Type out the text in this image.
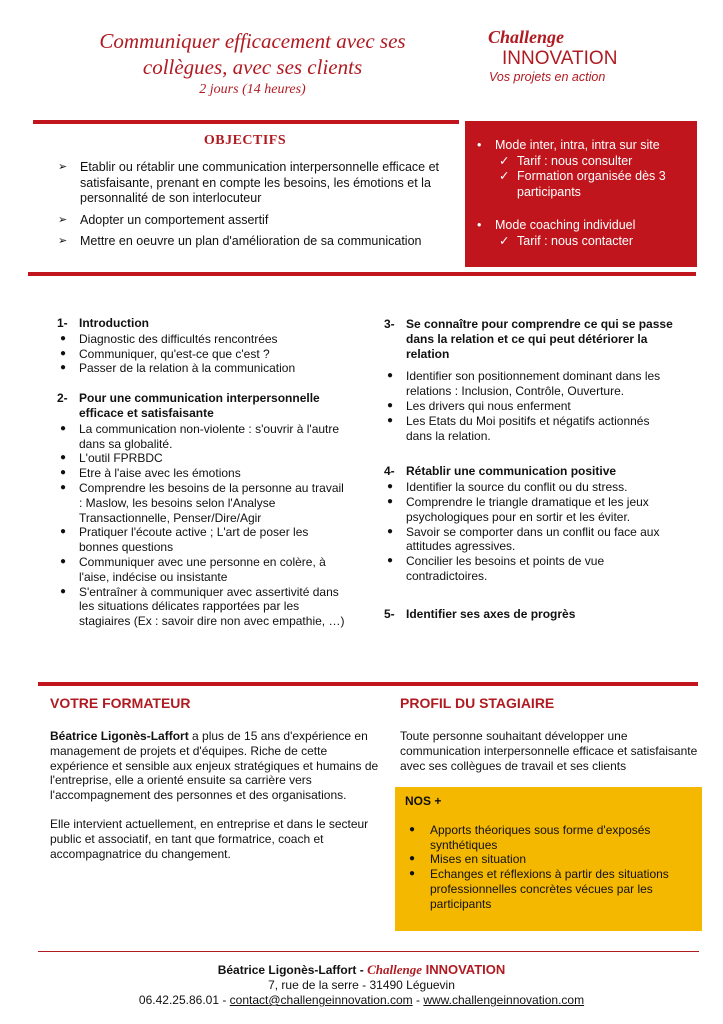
Communiquer efficacement avec ses
collègues, avec ses clients
2 jours (14 heures)
Challenge
INNOVATION
Vos projets en action
OBJECTIFS
➢ Etablir ou rétablir une communication interpersonnelle efficace et satisfaisante, prenant en compte les besoins, les émotions et la personnalité de son interlocuteur
➢ Adopter un comportement assertif
➢ Mettre en oeuvre un plan d'amélioration de sa communication
• Mode inter, intra, intra sur site
✓ Tarif : nous consulter
✓ Formation organisée dès 3 participants
• Mode coaching individuel
✓ Tarif : nous contacter
1- Introduction
● Diagnostic des difficultés rencontrées
● Communiquer, qu'est-ce que c'est ?
● Passer de la relation à la communication
2- Pour une communication interpersonnelle efficace et satisfaisante
● La communication non-violente : s'ouvrir à l'autre dans sa globalité.
● L'outil FPRBDC
● Etre à l'aise avec les émotions
● Comprendre les besoins de la personne au travail : Maslow, les besoins selon l'Analyse Transactionnelle, Penser/Dire/Agir
● Pratiquer l'écoute active ; L'art de poser les bonnes questions
● Communiquer avec une personne en colère, à l'aise, indécise ou insistante
● S'entraîner à communiquer avec assertivité dans les situations délicates rapportées par les stagiaires (Ex : savoir dire non avec empathie, …)
3- Se connaître pour comprendre ce qui se passe dans la relation et ce qui peut détériorer la relation
● Identifier son positionnement dominant dans les relations : Inclusion, Contrôle, Ouverture.
● Les drivers qui nous enferment
● Les Etats du Moi positifs et négatifs actionnés dans la relation.
4- Rétablir une communication positive
● Identifier la source du conflit ou du stress.
● Comprendre le triangle dramatique et les jeux psychologiques pour en sortir et les éviter.
● Savoir se comporter dans un conflit ou face aux attitudes agressives.
● Concilier les besoins et points de vue contradictoires.
5- Identifier ses axes de progrès
VOTRE FORMATEUR

Béatrice Ligonès-Laffort a plus de 15 ans d'expérience en management de projets et d'équipes. Riche de cette expérience et sensible aux enjeux stratégiques et humains de l'entreprise, elle a orienté ensuite sa carrière vers l'accompagnement des personnes et des organisations.

Elle intervient actuellement, en entreprise et dans le secteur public et associatif, en tant que formatrice, coach et accompagnatrice du changement.

PROFIL DU STAGIAIRE

Toute personne souhaitant développer une communication interpersonnelle efficace et satisfaisante avec ses collègues de travail et ses clients

NOS +
● Apports théoriques sous forme d'exposés synthétiques
● Mises en situation
● Echanges et réflexions à partir des situations professionnelles concrètes vécues par les participants
Béatrice Ligonès-Laffort - Challenge INNOVATION
7, rue de la serre - 31490 Léguevin
06.42.25.86.01 - contact@challengeinnovation.com - www.challengeinnovation.com
